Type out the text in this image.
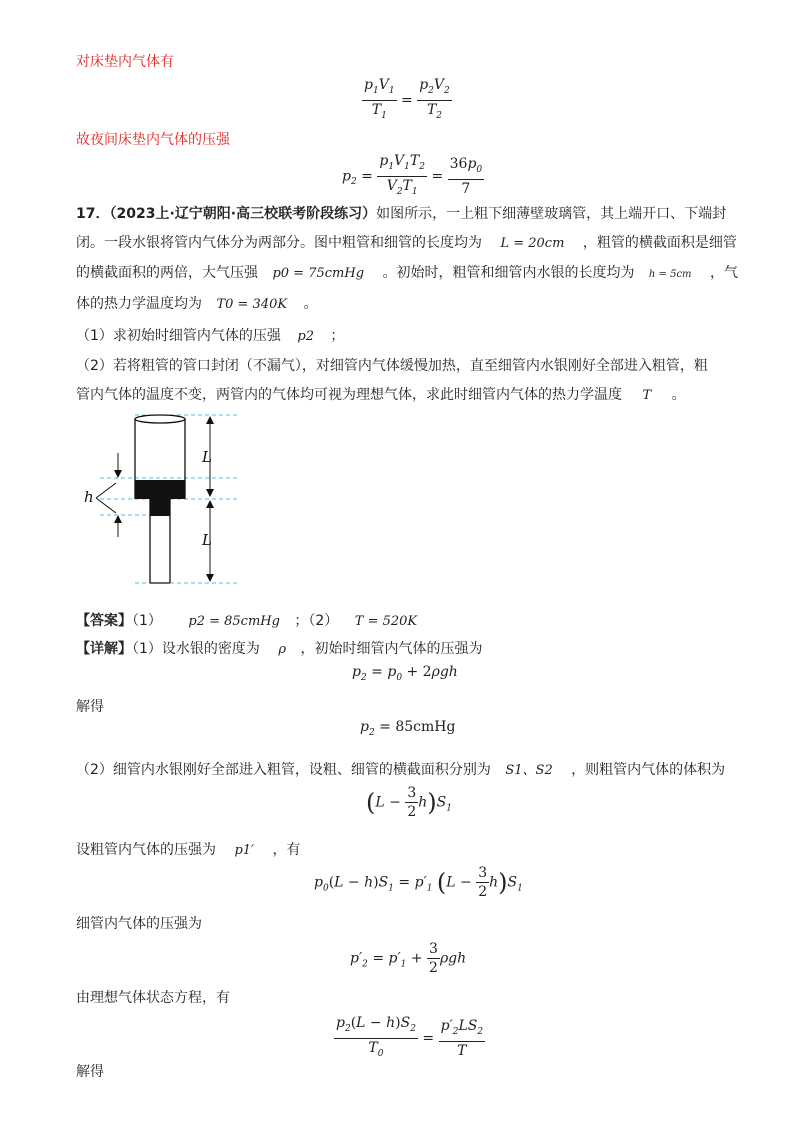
对床垫内气体有
$\frac{p_1V_1}{T_1} = \frac{p_2V_2}{T_2}$
故夜间床垫内气体的压强
$p_2 = \frac{p_1V_1T_2}{V_2T_1} = \frac{36p_0}{7}$
17．（2023上·辽宁朝阳·高三校联考阶段练习）如图所示，一上粗下细薄壁玻璃管，其上端开口、下端封
闭。一段水银将管内气体分为两部分。图中粗管和细管的长度均为 L = 20cm ，粗管的横截面积是细管
的横截面积的两倍，大气压强 p0 = 75cmHg 。初始时，粗管和细管内水银的长度均为 h = 5cm ，气
体的热力学温度均为 T0 = 340K 。
（1）求初始时细管内气体的压强 p2 ；
（2）若将粗管的管口封闭（不漏气），对细管内气体缓慢加热，直至细管内水银刚好全部进入粗管，粗
管内气体的温度不变，两管内的气体均可视为理想气体，求此时细管内气体的热力学温度 T 。
L
L
h
【答案】（1） p2 = 85cmHg ；（2） T = 520K
【详解】（1）设水银的密度为 ρ ，初始时细管内气体的压强为
$p_2 = p_0 + 2\rho gh$
解得
$p_2$ = 85cmHg
（2）细管内水银刚好全部进入粗管，设粗、细管的横截面积分别为 S1、S2 ，则粗管内气体的体积为
$(L - \frac{3}{2} h)S_1$
设粗管内气体的压强为 p1′ ，有
$p_0(L - h)S_1 = p'_1$ $(L - \frac{3}{2} h)S_1$
细管内气体的压强为
$p'_2 = p'_1 + \frac{3}{2}$ ρgh
由理想气体状态方程，有
$\frac{p_2(L - h)S_2}{T_0} = \frac{p'_2LS_2}{T}$
解得
